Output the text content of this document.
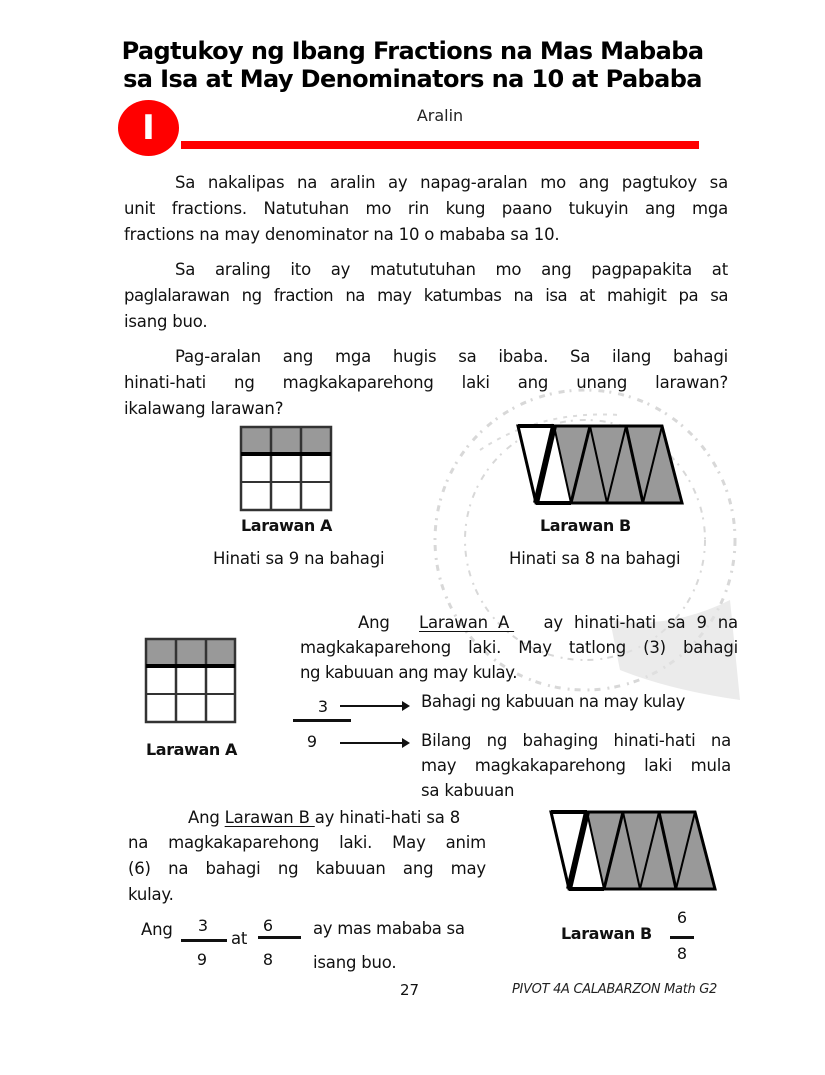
Pagtukoy ng Ibang Fractions na Mas Mababa
sa Isa at May Denominators na 10 at Pababa
I	Aralin
Sa nakalipas na aralin ay napag-aralan mo ang pagtukoy sa
unit fractions. Natutuhan mo rin kung paano tukuyin ang mga
fractions na may denominator na 10 o mababa sa 10.
Sa araling ito ay matututuhan mo ang pagpapakita at
paglalarawan ng fraction na may katumbas na isa at mahigit pa sa
isang buo.
Pag-aralan ang mga hugis sa ibaba. Sa ilang bahagi
hinati-hati ng magkakaparehong laki ang unang larawan?
ikalawang larawan?
Larawan A
Hinati sa 9 na bahagi
Larawan B
Hinati sa 8 na bahagi
Larawan A
Ang Larawan  A ay hinati-hati sa 9 na
magkakaparehong laki. May tatlong (3) bahagi
ng kabuuan ang may kulay.
3
9
Bahagi ng kabuuan na may kulay
Bilang ng bahaging hinati-hati na
may magkakaparehong laki mula
sa kabuuan
Ang Larawan B ay hinati-hati sa 8
na magkakaparehong laki. May anim
(6) na bahagi ng kabuuan ang may
kulay.
Larawan B
6
8
Ang	3
9
at
6
8
ay mas mababa sa
isang buo.
27	PIVOT 4A CALABARZON Math G2
